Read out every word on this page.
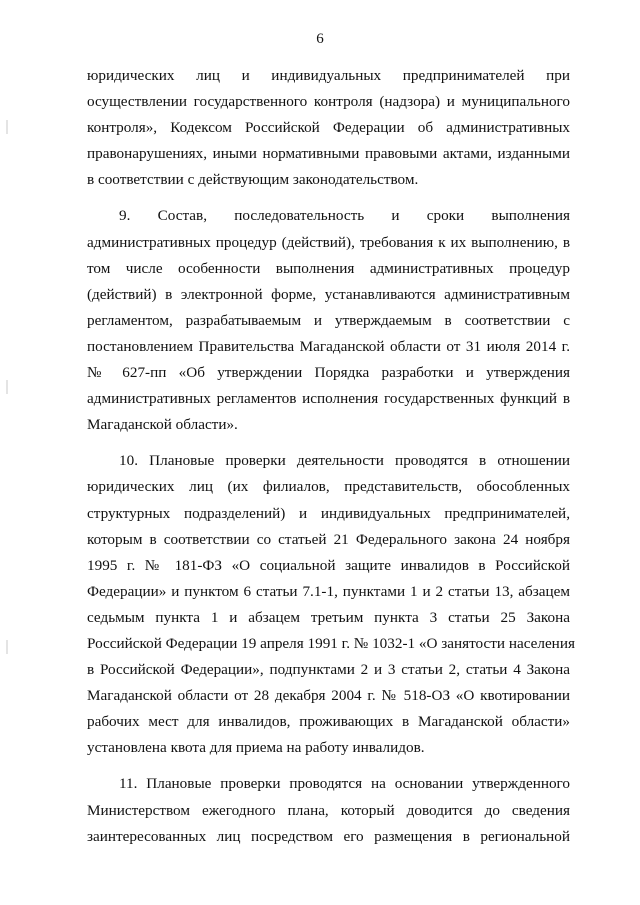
6
юридических лиц и индивидуальных предпринимателей при
осуществлении государственного контроля (надзора) и муниципального
контроля», Кодексом Российской Федерации об административных
правонарушениях, иными нормативными правовыми актами, изданными
в соответствии с действующим законодательством.
9. Состав, последовательность и сроки выполнения
административных процедур (действий), требования к их выполнению, в
том числе особенности выполнения административных процедур
(действий) в электронной форме, устанавливаются административным
регламентом, разрабатываемым и утверждаемым в соответствии с
постановлением Правительства Магаданской области от 31 июля 2014 г.
№ 627-пп «Об утверждении Порядка разработки и утверждения
административных регламентов исполнения государственных функций в
Магаданской области».
10. Плановые проверки деятельности проводятся в отношении
юридических лиц (их филиалов, представительств, обособленных
структурных подразделений) и индивидуальных предпринимателей,
которым в соответствии со статьей 21 Федерального закона 24 ноября
1995 г. № 181-ФЗ «О социальной защите инвалидов в Российской
Федерации» и пунктом 6 статьи 7.1-1, пунктами 1 и 2 статьи 13, абзацем
седьмым пункта 1 и абзацем третьим пункта 3 статьи 25 Закона
Российской Федерации 19 апреля 1991 г. № 1032-1 «О занятости населения
в Российской Федерации», подпунктами 2 и 3 статьи 2, статьи 4 Закона
Магаданской области от 28 декабря 2004 г. № 518-ОЗ «О квотировании
рабочих мест для инвалидов, проживающих в Магаданской области»
установлена квота для приема на работу инвалидов.
11. Плановые проверки проводятся на основании утвержденного
Министерством ежегодного плана, который доводится до сведения
заинтересованных лиц посредством его размещения в региональной
